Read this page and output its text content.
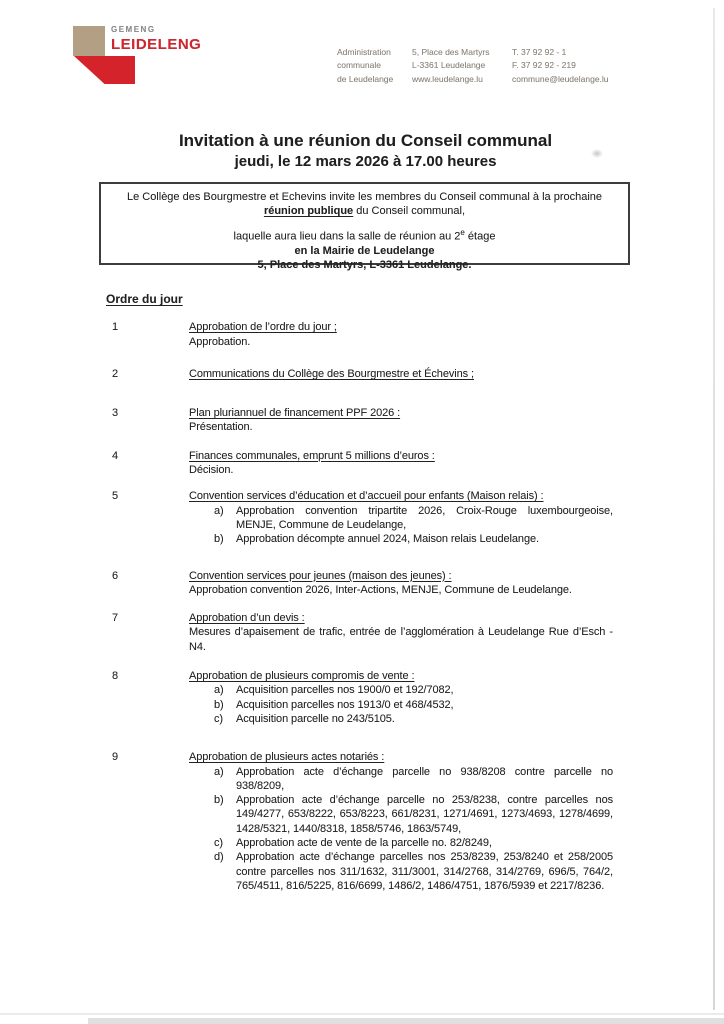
GEMENG
LEIDELENG	Administration
communale
de Leudelange
5, Place des Martyrs
L-3361 Leudelange
www.leudelange.lu
T. 37 92 92 - 1
F. 37 92 92 - 219
commune@leudelange.lu
Invitation à une réunion du Conseil communal
jeudi, le 12 mars 2026 à 17.00 heures
Le Collège des Bourgmestre et Echevins invite les membres du Conseil communal à la prochaine
réunion publique du Conseil communal,
laquelle aura lieu dans la salle de réunion au 2e étage
en la Mairie de Leudelange
5, Place des Martyrs, L-3361 Leudelange.
Ordre du jour
1	Approbation de l’ordre du jour ;
Approbation.
2	Communications du Collège des Bourgmestre et Échevins ;
3	Plan pluriannuel de financement PPF 2026 :
Présentation.
4	Finances communales, emprunt 5 millions d’euros :
Décision.
5	Convention services d’éducation et d’accueil pour enfants (Maison relais) :
a)	Approbation convention tripartite 2026, Croix-Rouge luxembourgeoise, MENJE, Commune de Leudelange,
b)	Approbation décompte annuel 2024, Maison relais Leudelange.
6	Convention services pour jeunes (maison des jeunes) :
Approbation convention 2026, Inter-Actions, MENJE, Commune de Leudelange.
7	Approbation d’un devis :
Mesures d’apaisement de trafic, entrée de l’agglomération à Leudelange Rue d’Esch - N4.
8	Approbation de plusieurs compromis de vente :
a)	Acquisition parcelles nos 1900/0 et 192/7082,
b)	Acquisition parcelles nos 1913/0 et 468/4532,
c)	Acquisition parcelle no 243/5105.
9	Approbation de plusieurs actes notariés :
a)	Approbation acte d’échange parcelle no 938/8208 contre parcelle no 938/8209,
b)	Approbation acte d’échange parcelle no 253/8238, contre parcelles nos 149/4277, 653/8222, 653/8223, 661/8231, 1271/4691, 1273/4693, 1278/4699, 1428/5321, 1440/8318, 1858/5746, 1863/5749,
c)	Approbation acte de vente de la parcelle no. 82/8249,
d)	Approbation acte d’échange parcelles nos 253/8239, 253/8240 et 258/2005 contre parcelles nos 311/1632, 311/3001, 314/2768, 314/2769, 696/5, 764/2, 765/4511, 816/5225, 816/6699, 1486/2, 1486/4751, 1876/5939 et 2217/8236.
